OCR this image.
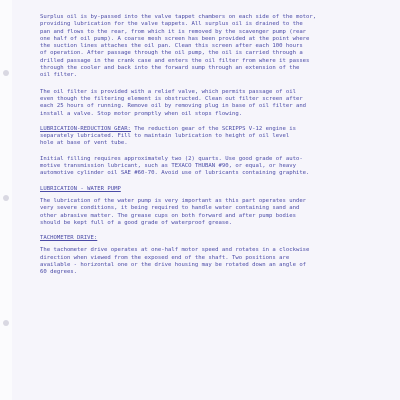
Surplus oil is by-passed into the valve tappet chambers on each side of the motor,
providing lubrication for the valve tappets. All surplus oil is drained to the
pan and flows to the rear, from which it is removed by the scavenger pump (rear
one half of oil pump). A coarse mesh screen has been provided at the point where
the suction lines attaches the oil pan. Clean this screen after each 100 hours
of operation. After passage through the oil pump, the oil is carried through a
drilled passage in the crank case and enters the oil filter from where it passes
through the cooler and back into the forward sump through an extension of the
oil filter.
The oil filter is provided with a relief valve, which permits passage of oil
even though the filtering element is obstructed. Clean out filter screen after
each 25 hours of running. Remove oil by removing plug in base of oil filter and
install a valve. Stop motor promptly when oil stops flowing.
LUBRICATION-REDUCTION GEAR: The reduction gear of the SCRIPPS V-12 engine is
separately lubricated. Fill to maintain lubrication to height of oil level
hole at base of vent tube.
Initial filling requires approximately two (2) quarts. Use good grade of auto-
motive transmission lubricant, such as TEXACO THUBAN #90, or equal, or heavy
automotive cylinder oil SAE #60-70. Avoid use of lubricants containing graphite.
LUBRICATION - WATER PUMP
The lubrication of the water pump is very important as this part operates under
very severe conditions, it being required to handle water containing sand and
other abrasive matter. The grease cups on both forward and after pump bodies
should be kept full of a good grade of waterproof grease.
TACHOMETER DRIVE:
The tachometer drive operates at one-half motor speed and rotates in a clockwise
direction when viewed from the exposed end of the shaft. Two positions are
available - horizontal one or the drive housing may be rotated down an angle of
60 degrees.
